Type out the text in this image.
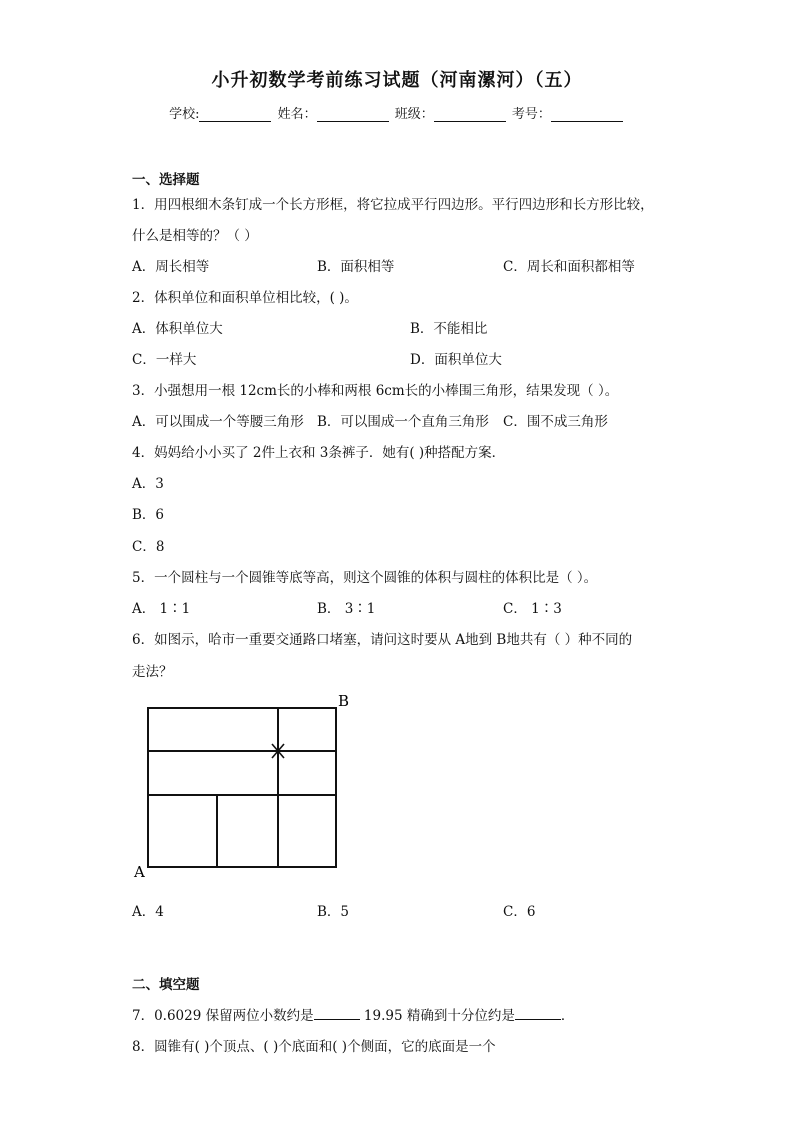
小升初数学考前练习试题（河南漯河）（五）
学校:	姓名：	班级：	考号：
一、选择题
1．用四根细木条钉成一个长方形框，将它拉成平行四边形。平行四边形和长方形比较，
什么是相等的？（ ）
A．周长相等	B．面积相等	C．周长和面积都相等
2．体积单位和面积单位相比较，( )。
A．体积单位大	B．不能相比
C．一样大	D．面积单位大
3．小强想用一根 12cm长的小棒和两根 6cm长的小棒围三角形，结果发现（ ）。
A．可以围成一个等腰三角形 B．可以围成一个直角三角形 C．围不成三角形
4．妈妈给小小买了 2件上衣和 3条裤子．她有( )种搭配方案．
A．3
B．6
C．8
5．一个圆柱与一个圆锥等底等高，则这个圆锥的体积与圆柱的体积比是（ ）。
A． 1∶1	B． 3∶1	C． 1∶3
6．如图示，哈市一重要交通路口堵塞，请问这时要从 A地到 B地共有（ ）种不同的
走法？
A
B
A．4	B．5	C．6
二、填空题
7．0.6029 保留两位小数约是	19.95 精确到十分位约是	．
8．圆锥有( )个顶点、( )个底面和( )个侧面，它的底面是一个
